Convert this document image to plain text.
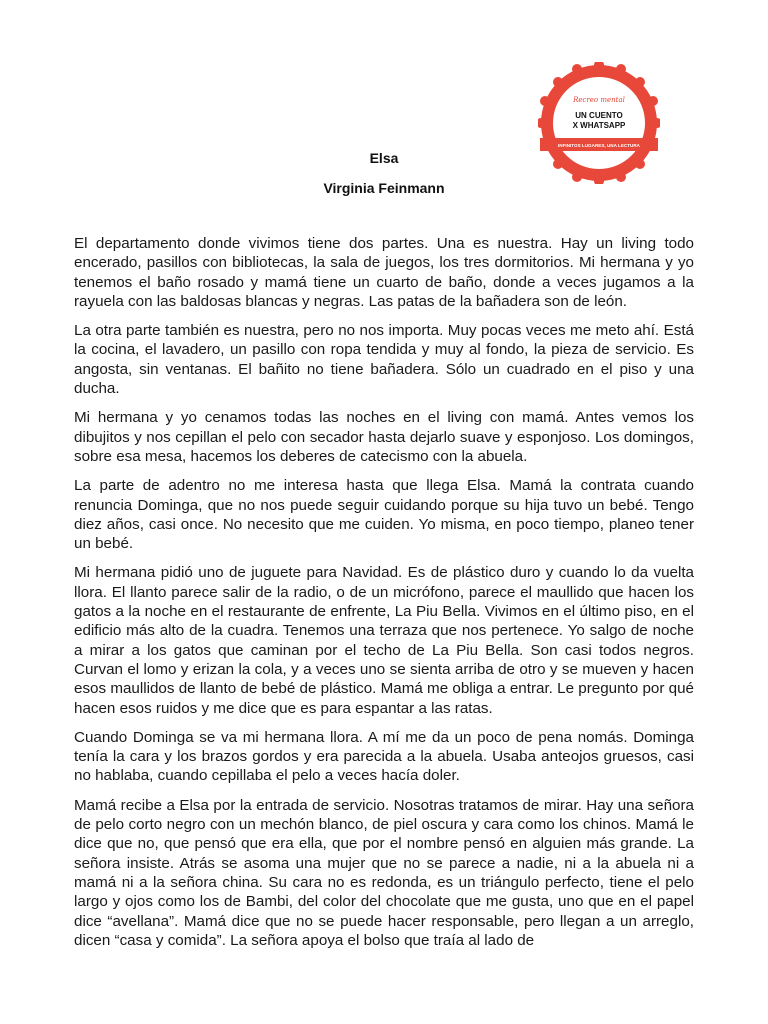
Recreo mental
UN CUENTO
X WHATSAPP
INFINITOS LUGARES, UNA LECTURA
Elsa
Virginia Feinmann

El departamento donde vivimos tiene dos partes. Una es nuestra. Hay un living todo encerado, pasillos con bibliotecas, la sala de juegos, los tres dormitorios. Mi hermana y yo tenemos el baño rosado y mamá tiene un cuarto de baño, donde a veces jugamos a la rayuela con las baldosas blancas y negras. Las patas de la bañadera son de león.

La otra parte también es nuestra, pero no nos importa. Muy pocas veces me meto ahí. Está la cocina, el lavadero, un pasillo con ropa tendida y muy al fondo, la pieza de servicio. Es angosta, sin ventanas. El bañito no tiene bañadera. Sólo un cuadrado en el piso y una ducha.

Mi hermana y yo cenamos todas las noches en el living con mamá. Antes vemos los dibujitos y nos cepillan el pelo con secador hasta dejarlo suave y esponjoso. Los domingos, sobre esa mesa, hacemos los deberes de catecismo con la abuela.

La parte de adentro no me interesa hasta que llega Elsa. Mamá la contrata cuando renuncia Dominga, que no nos puede seguir cuidando porque su hija tuvo un bebé. Tengo diez años, casi once. No necesito que me cuiden. Yo misma, en poco tiempo, planeo tener un bebé.

Mi hermana pidió uno de juguete para Navidad. Es de plástico duro y cuando lo da vuelta llora. El llanto parece salir de la radio, o de un micrófono, parece el maullido que hacen los gatos a la noche en el restaurante de enfrente, La Piu Bella. Vivimos en el último piso, en el edificio más alto de la cuadra. Tenemos una terraza que nos pertenece. Yo salgo de noche a mirar a los gatos que caminan por el techo de La Piu Bella. Son casi todos negros. Curvan el lomo y erizan la cola, y a veces uno se sienta arriba de otro y se mueven y hacen esos maullidos de llanto de bebé de plástico. Mamá me obliga a entrar. Le pregunto por qué hacen esos ruidos y me dice que es para espantar a las ratas.

Cuando Dominga se va mi hermana llora. A mí me da un poco de pena nomás. Dominga tenía la cara y los brazos gordos y era parecida a la abuela. Usaba anteojos gruesos, casi no hablaba, cuando cepillaba el pelo a veces hacía doler.

Mamá recibe a Elsa por la entrada de servicio. Nosotras tratamos de mirar. Hay una señora de pelo corto negro con un mechón blanco, de piel oscura y cara como los chinos. Mamá le dice que no, que pensó que era ella, que por el nombre pensó en alguien más grande. La señora insiste. Atrás se asoma una mujer que no se parece a nadie, ni a la abuela ni a mamá ni a la señora china. Su cara no es redonda, es un triángulo perfecto, tiene el pelo largo y ojos como los de Bambi, del color del chocolate que me gusta, uno que en el papel dice “avellana”. Mamá dice que no se puede hacer responsable, pero llegan a un arreglo, dicen “casa y comida”. La señora apoya el bolso que traía al lado de
